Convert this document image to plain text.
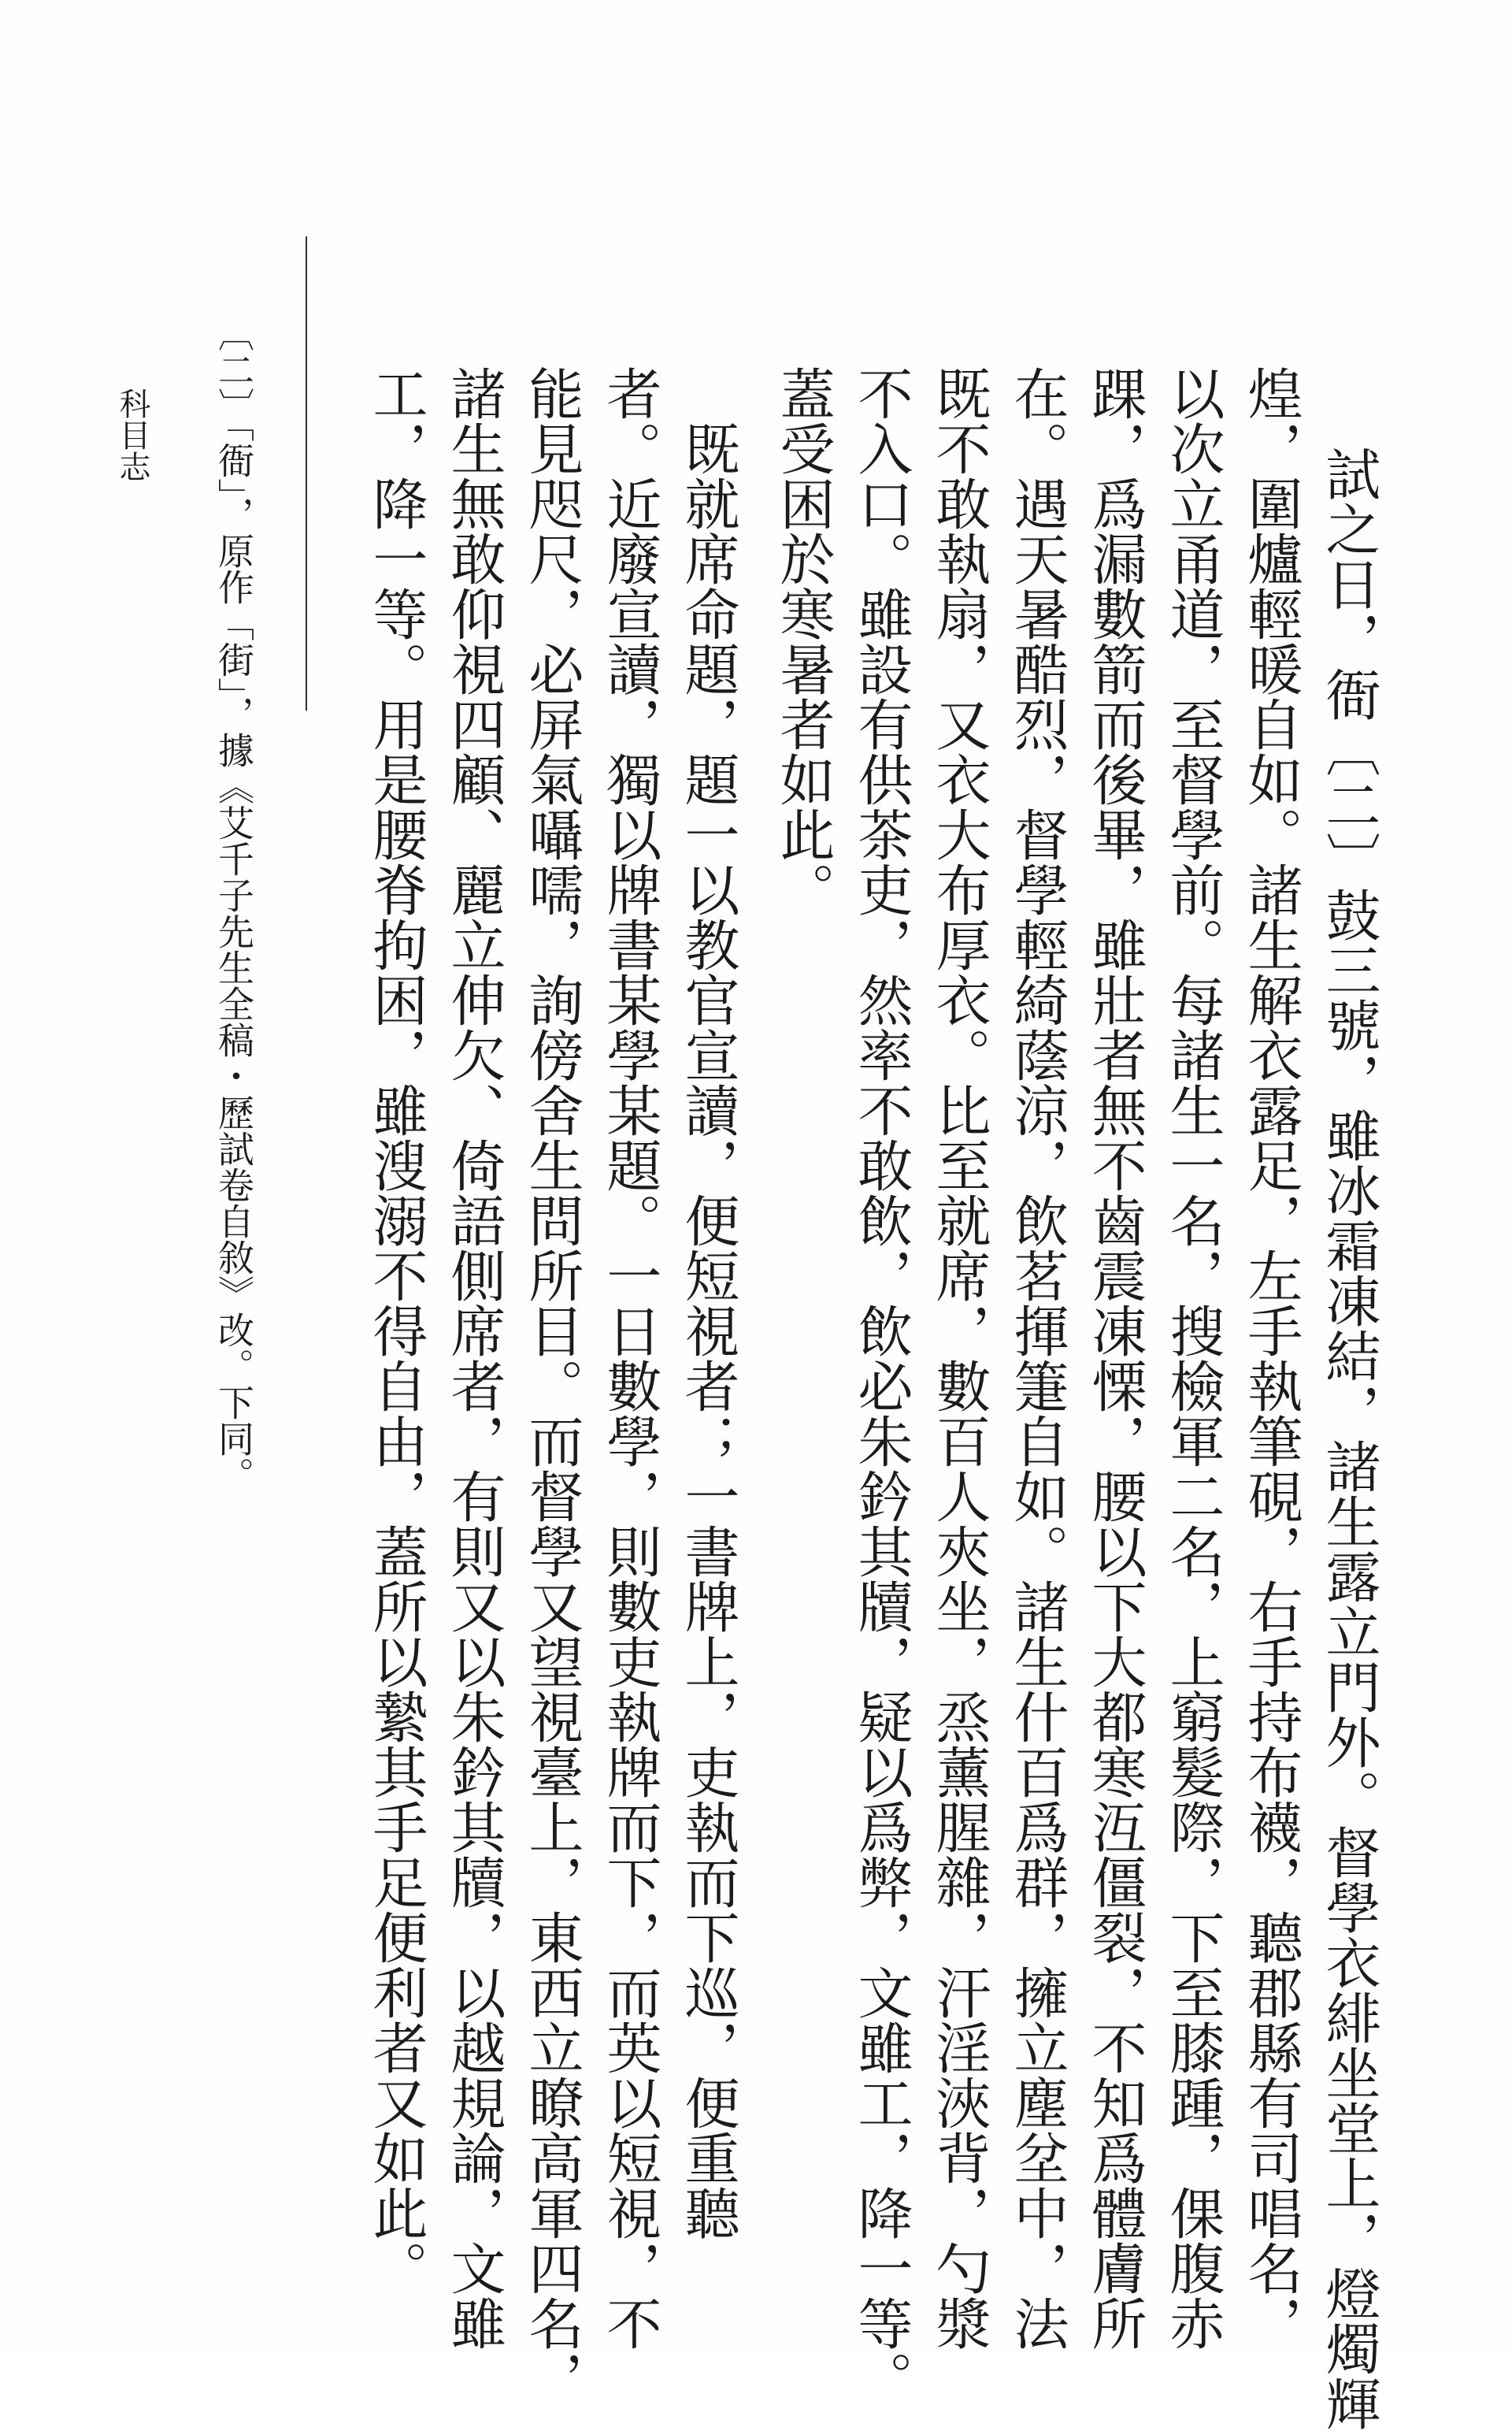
試之日，衙〔二〕鼓三號，雖冰霜凍結，諸生露立門外。督學衣緋坐堂上，燈燭輝
煌，圍爐輕暖自如。諸生解衣露足，左手執筆硯，右手持布襪，聽郡縣有司唱名，
以次立甬道，至督學前。每諸生一名，搜檢軍二名，上窮髮際，下至膝踵，倮腹赤
踝，爲漏數箭而後畢，雖壯者無不齒震凍慄，腰以下大都寒沍僵裂，不知爲體膚所
在。遇天暑酷烈，督學輕綺蔭涼，飲茗揮箑自如。諸生什百爲群，擁立塵坌中，法
既不敢執扇，又衣大布厚衣。比至就席，數百人夾坐，烝薰腥雜，汗淫浹背，勺漿
不入口。雖設有供茶吏，然率不敢飲，飲必朱鈐其牘，疑以爲弊，文雖工，降一等。
蓋受困於寒暑者如此。
　既就席命題，題一以教官宣讀，便短視者；一書牌上，吏執而下巡，便重聽
者。近廢宣讀，獨以牌書某學某題。一日數學，則數吏執牌而下，而英以短視，不
能見咫尺，必屏氣囁嚅，詢傍舍生問所目。而督學又望視臺上，東西立瞭高軍四名，
諸生無敢仰視四顧、麗立伸欠、倚語側席者，有則又以朱鈐其牘，以越規論，文雖
工，降一等。用是腰脊拘困，雖溲溺不得自由，蓋所以縶其手足便利者又如此。
〔二〕「衙」，原作「街」，據《艾千子先生全稿・歷試卷自敘》改。下同。
科目志
